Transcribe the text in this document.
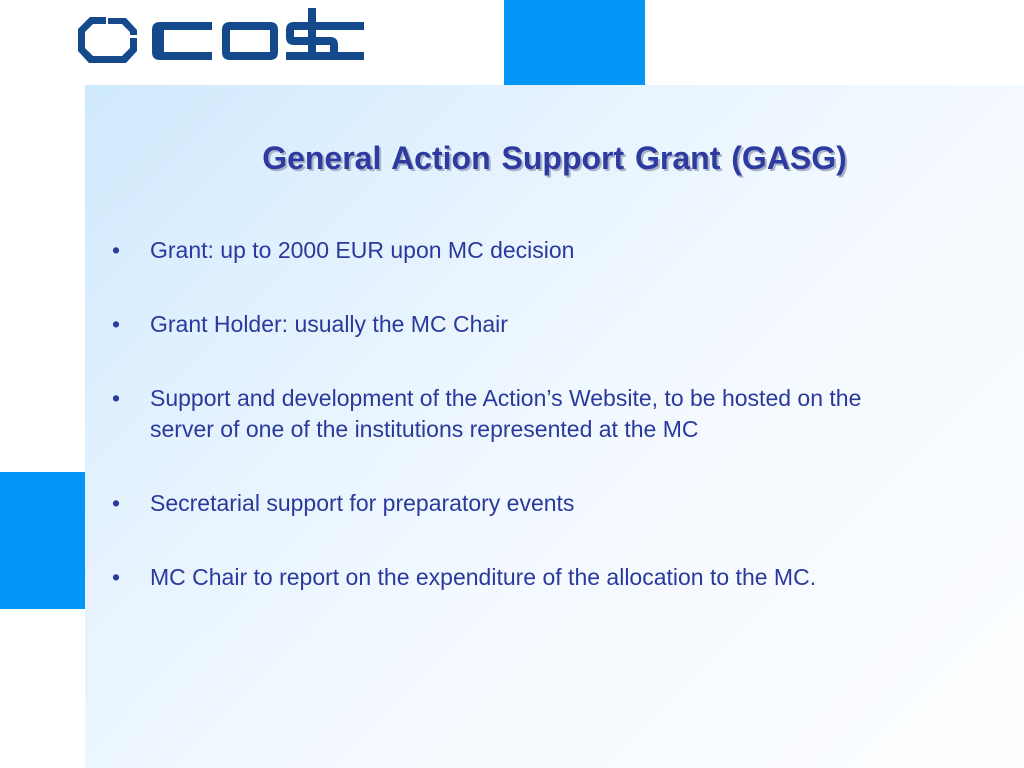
General Action Support Grant (GASG)
• Grant: up to 2000 EUR upon MC decision
• Grant Holder: usually the MC Chair
• Support and development of the Action’s Website, to be hosted on the server of one of the institutions represented at the MC
• Secretarial support for preparatory events
• MC Chair to report on the expenditure of the allocation to the MC.
